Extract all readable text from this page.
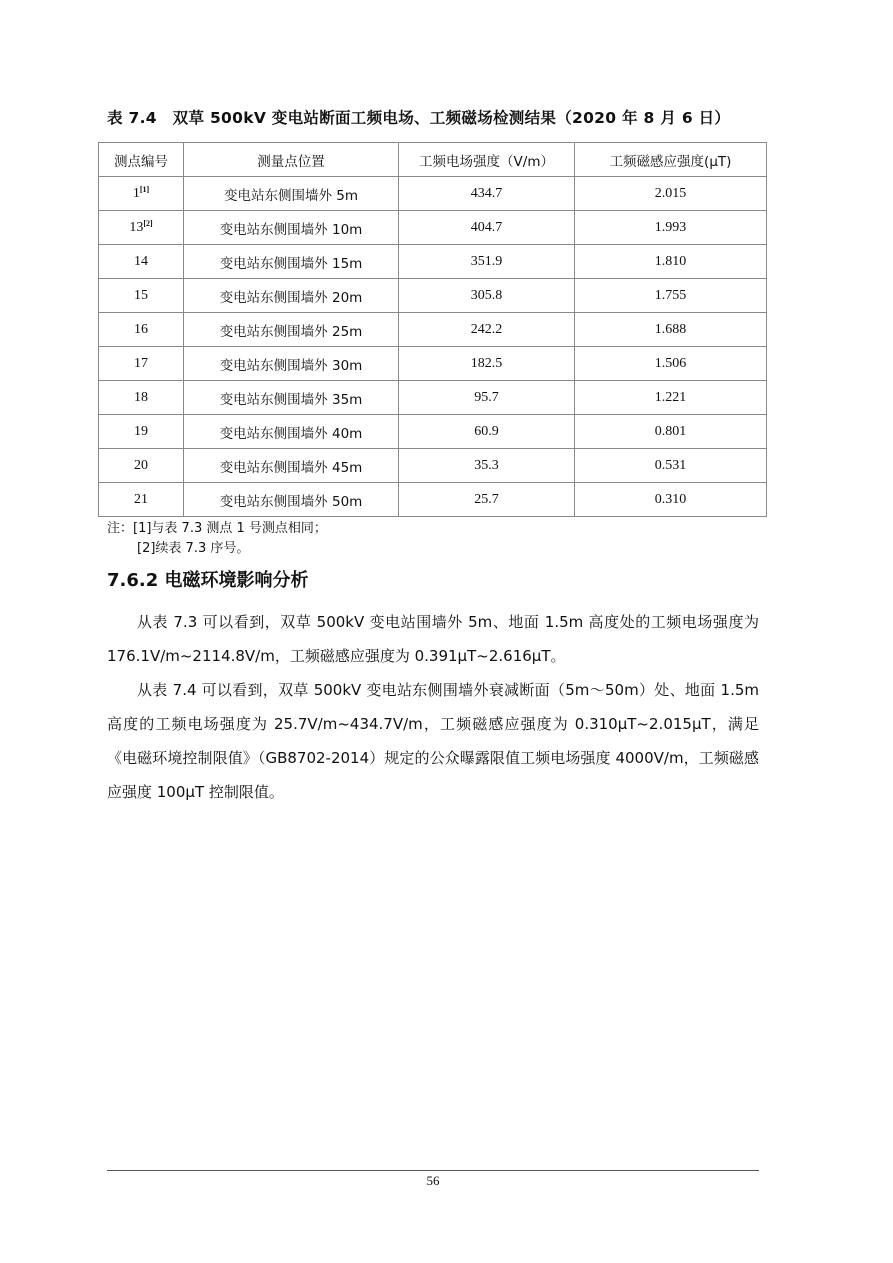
表 7.4　双草 500kV 变电站断面工频电场、工频磁场检测结果（2020 年 8 月 6 日）
测点编号	测量点位置	工频电场强度（V/m）	工频磁感应强度(μT)
1[1]	变电站东侧围墙外 5m	434.7	2.015
13[2]	变电站东侧围墙外 10m	404.7	1.993
14	变电站东侧围墙外 15m	351.9	1.810
15	变电站东侧围墙外 20m	305.8	1.755
16	变电站东侧围墙外 25m	242.2	1.688
17	变电站东侧围墙外 30m	182.5	1.506
18	变电站东侧围墙外 35m	95.7	1.221
19	变电站东侧围墙外 40m	60.9	0.801
20	变电站东侧围墙外 45m	35.3	0.531
21	变电站东侧围墙外 50m	25.7	0.310
注：[1]与表 7.3 测点 1 号测点相同；
[2]续表 7.3 序号。
7.6.2 电磁环境影响分析

从表 7.3 可以看到，双草 500kV 变电站围墙外 5m、地面 1.5m 高度处的工频电场强度为 176.1V/m~2114.8V/m，工频磁感应强度为 0.391μT~2.616μT。

从表 7.4 可以看到，双草 500kV 变电站东侧围墙外衰减断面（5m～50m）处、地面 1.5m 高度的工频电场强度为 25.7V/m~434.7V/m，工频磁感应强度为 0.310μT~2.015μT，满足《电磁环境控制限值》（GB8702-2014）规定的公众曝露限值工频电场强度 4000V/m，工频磁感应强度 100μT 控制限值。

56
